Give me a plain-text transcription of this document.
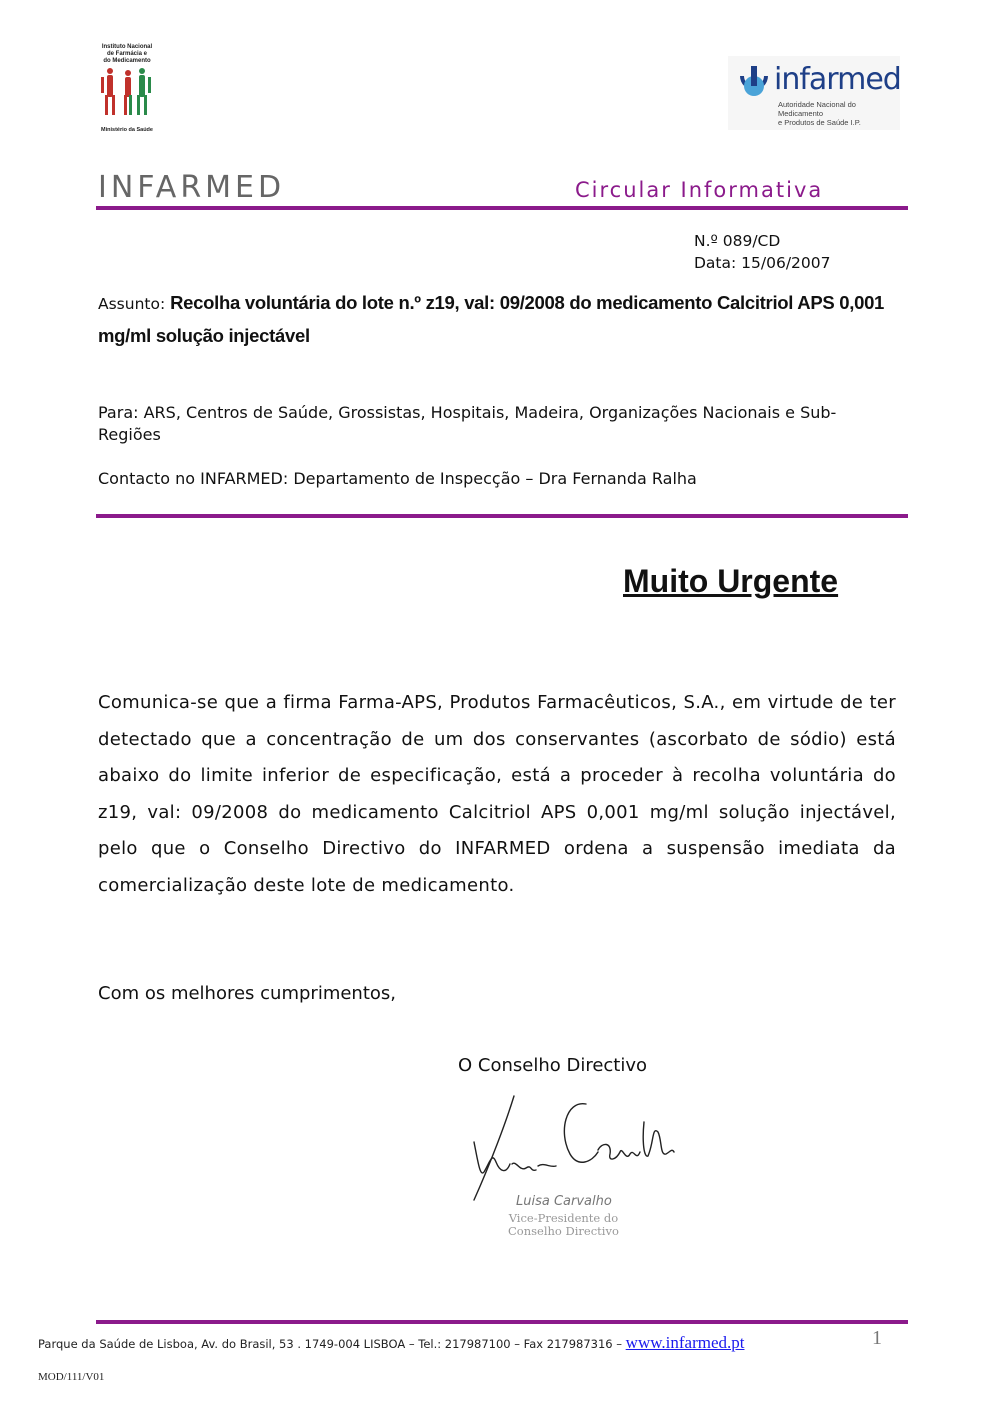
Instituto Nacional
de Farmácia e
do Medicamento
Ministério da Saúde
infarmed
Autoridade Nacional do Medicamento
e Produtos de Saúde I.P.
INFARMED	Circular Informativa
N.º 089/CD
Data: 15/06/2007
Assunto: Recolha voluntária do lote n.º z19, val: 09/2008 do medicamento Calcitriol APS 0,001 mg/ml solução injectável
Para: ARS, Centros de Saúde, Grossistas, Hospitais, Madeira, Organizações Nacionais e Sub-Regiões
Contacto no INFARMED: Departamento de Inspecção – Dra Fernanda Ralha
Muito Urgente
Comunica-se que a firma Farma-APS, Produtos Farmacêuticos, S.A., em virtude de ter detectado que a concentração de um dos conservantes (ascorbato de sódio) está abaixo do limite inferior de especificação, está a proceder à recolha voluntária do z19, val: 09/2008 do medicamento Calcitriol APS 0,001 mg/ml solução injectável, pelo que o Conselho Directivo do INFARMED ordena a suspensão imediata da comercialização deste lote de medicamento.
Com os melhores cumprimentos,
O Conselho Directivo
Luisa Carvalho
Vice-Presidente do
Conselho Directivo
Parque da Saúde de Lisboa, Av. do Brasil, 53 . 1749-004 LISBOA – Tel.: 217987100 – Fax 217987316 – www.infarmed.pt	1
MOD/111/V01
